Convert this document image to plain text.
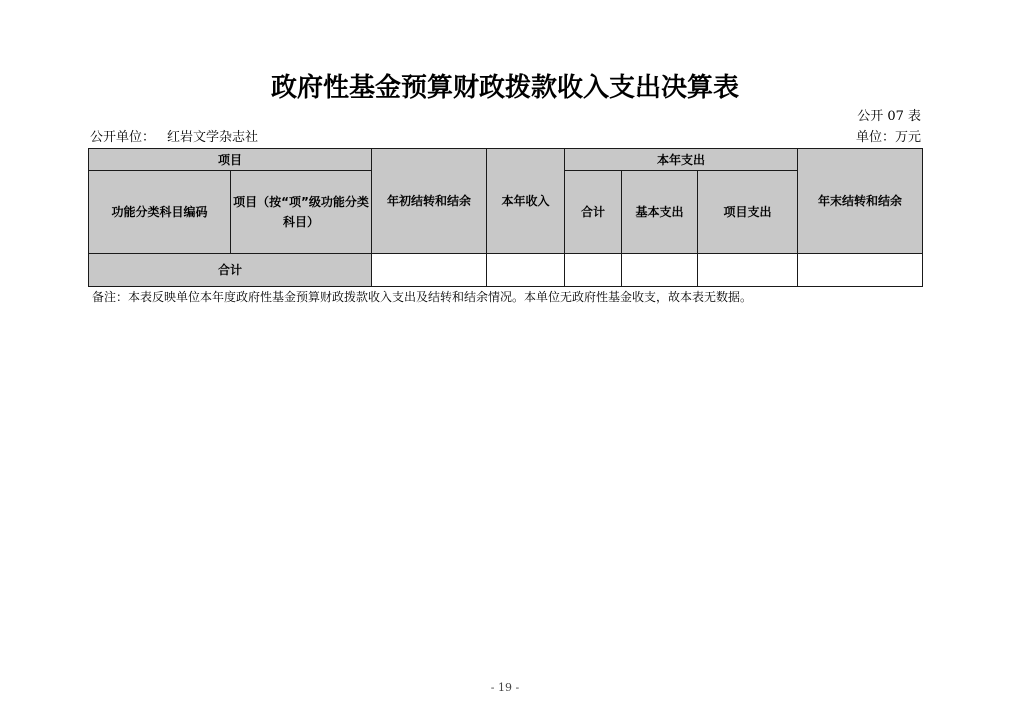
政府性基金预算财政拨款收入支出决算表
公开 07 表
公开单位： 红岩文学杂志社	单位：万元
项目		年初结转和结余	本年收入	本年支出			年末结转和结余
功能分类科目编码	项目（按“项”级功能分类科目）			合计	基本支出	项目支出	
合计							
备注：本表反映单位本年度政府性基金预算财政拨款收入支出及结转和结余情况。本单位无政府性基金收支，故本表无数据。
- 19 -
